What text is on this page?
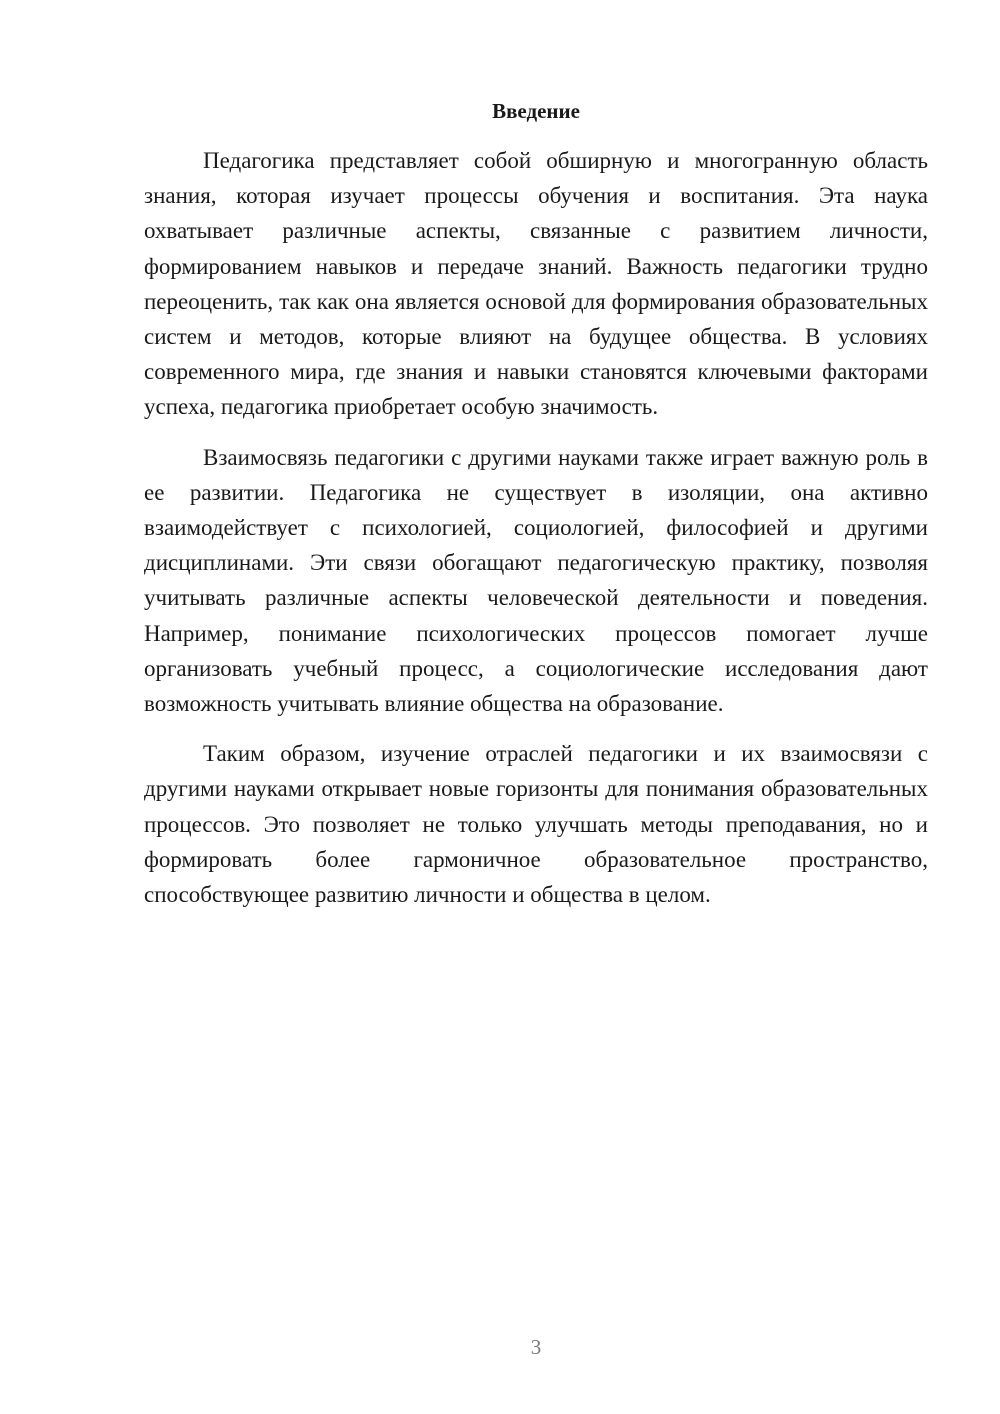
Введение

Педагогика представляет собой обширную и многогранную область знания, которая изучает процессы обучения и воспитания. Эта наука охватывает различные аспекты, связанные с развитием личности, формированием навыков и передаче знаний. Важность педагогики трудно переоценить, так как она является основой для формирования образовательных систем и методов, которые влияют на будущее общества. В условиях современного мира, где знания и навыки становятся ключевыми факторами успеха, педагогика приобретает особую значимость.

Взаимосвязь педагогики с другими науками также играет важную роль в ее развитии. Педагогика не существует в изоляции, она активно взаимодействует с психологией, социологией, философией и другими дисциплинами. Эти связи обогащают педагогическую практику, позволяя учитывать различные аспекты человеческой деятельности и поведения. Например, понимание психологических процессов помогает лучше организовать учебный процесс, а социологические исследования дают возможность учитывать влияние общества на образование.

Таким образом, изучение отраслей педагогики и их взаимосвязи с другими науками открывает новые горизонты для понимания образовательных процессов. Это позволяет не только улучшать методы преподавания, но и формировать более гармоничное образовательное пространство, способствующее развитию личности и общества в целом.

3
